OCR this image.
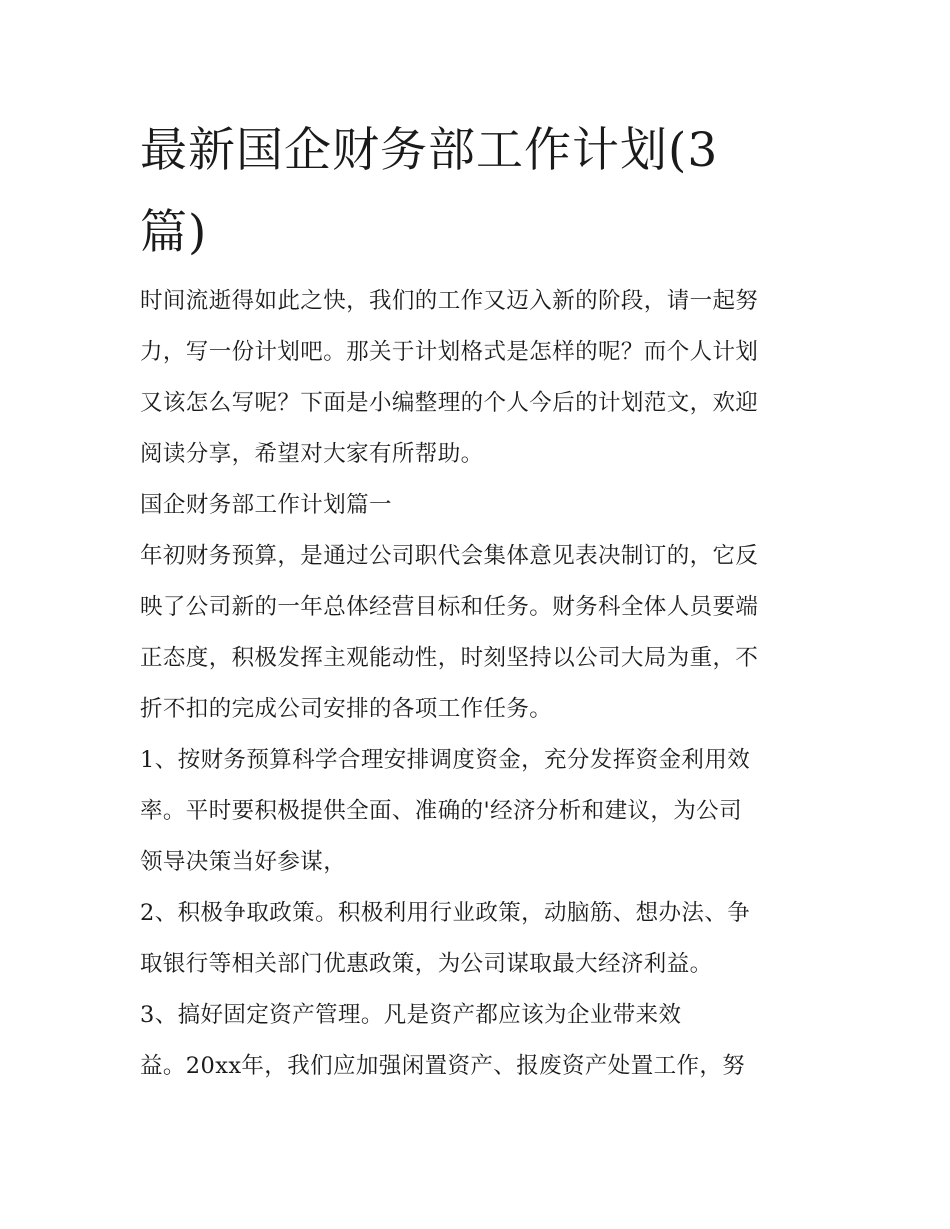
最新国企财务部工作计划(3篇)
时间流逝得如此之快，我们的工作又迈入新的阶段，请一起努
力，写一份计划吧。那关于计划格式是怎样的呢？而个人计划
又该怎么写呢？下面是小编整理的个人今后的计划范文，欢迎
阅读分享，希望对大家有所帮助。
国企财务部工作计划篇一
年初财务预算，是通过公司职代会集体意见表决制订的，它反
映了公司新的一年总体经营目标和任务。财务科全体人员要端
正态度，积极发挥主观能动性，时刻坚持以公司大局为重，不
折不扣的完成公司安排的各项工作任务。
1、按财务预算科学合理安排调度资金，充分发挥资金利用效
率。平时要积极提供全面、准确的'经济分析和建议，为公司
领导决策当好参谋，
2、积极争取政策。积极利用行业政策，动脑筋、想办法、争
取银行等相关部门优惠政策，为公司谋取最大经济利益。
3、搞好固定资产管理。凡是资产都应该为企业带来效
益。20xx年，我们应加强闲置资产、报废资产处置工作，努
